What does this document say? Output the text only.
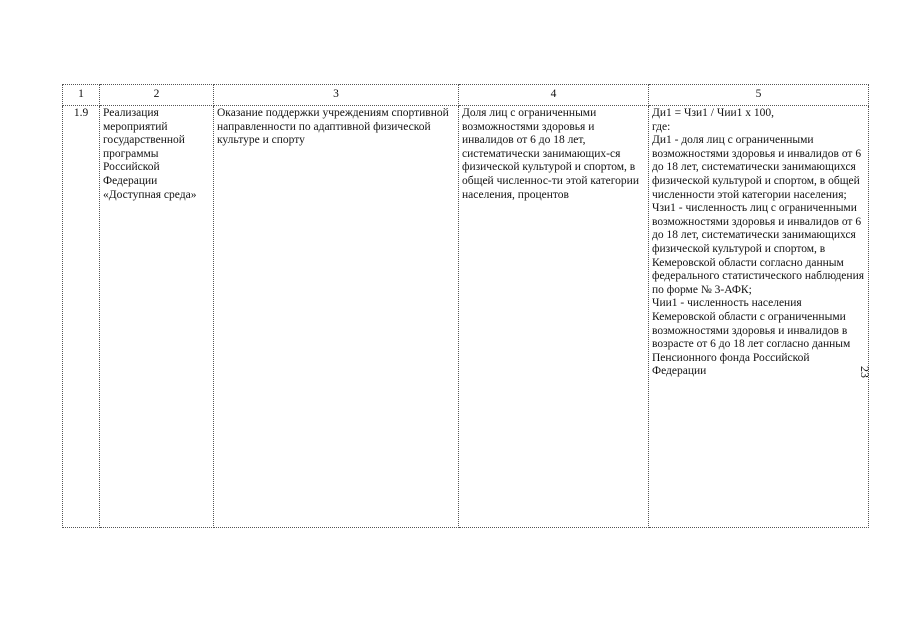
1	2	3	4	5
1.9	Реализация мероприятий государственной программы Российской Федерации «Доступная среда»	Оказание поддержки учреждениям спортивной направленности по адаптивной физической культуре и спорту	Доля лиц с ограниченными возможностями здоровья и инвалидов от 6 до 18 лет, систематически занимающих-ся физической культурой и спортом, в общей численнос-ти этой категории населения, процентов	Ди1 = Чзи1 / Чии1 х 100,
где:
Ди1 - доля лиц с ограниченными возможностями здоровья и инвалидов от 6 до 18 лет, систематически занимающихся физической культурой и спортом, в общей численности этой категории населения;
Чзи1 - численность лиц с ограниченными возможностями здоровья и инвалидов от 6 до 18 лет, систематически занимающихся физической культурой и спортом, в Кемеровской области согласно данным федерального статистического наблюдения по форме № 3-АФК;
Чии1 - численность населения Кемеровской области с ограниченными возможностями здоровья и инвалидов в возрасте от 6 до 18 лет согласно данным Пенсионного фонда Российской Федерации	23
